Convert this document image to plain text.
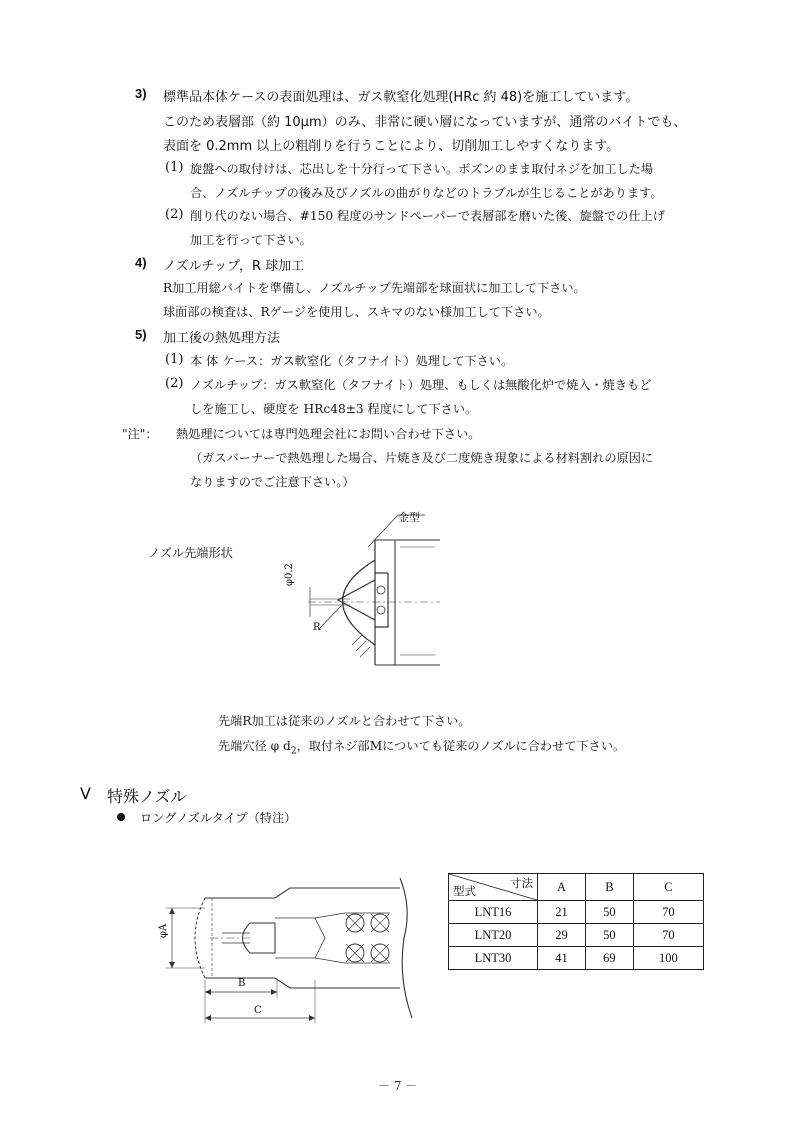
3) 標準品本体ケースの表面処理は、ガス軟窒化処理(HRc 約 48)を施工しています。
このため表層部（約 10μm）のみ、非常に硬い層になっていますが、通常のバイトでも、
表面を 0.2mm 以上の粗削りを行うことにより、切削加工しやすくなります。
(1) 旋盤への取付けは、芯出しを十分行って下さい。ボズンのまま取付ネジを加工した場
合、ノズルチップの後み及びノズルの曲がりなどのトラブルが生じることがあります。
(2) 削り代のない場合、#150 程度のサンドペーパーで表層部を磨いた後、旋盤での仕上げ
加工を行って下さい。
4) ノズルチップ，R 球加工
R加工用総バイトを準備し、ノズルチップ先端部を球面状に加工して下さい。
球面部の検査は、Rゲージを使用し、スキマのない様加工して下さい。
5) 加工後の熱処理方法
(1) 本 体 ケース：ガス軟窒化（タフナイト）処理して下さい。
(2) ノズルチップ：ガス軟窒化（タフナイト）処理、もしくは無酸化炉で焼入・焼きもど
しを施工し、硬度を HRc48±3 程度にして下さい。
"注"： 熱処理については専門処理会社にお問い合わせ下さい。
（ガスバーナーで熱処理した場合、片焼き及び二度焼き現象による材料割れの原因に
なりますのでご注意下さい。）
ノズル先端形状
金型
φ0.2
R
先端R加工は従来のノズルと合わせて下さい。
先端穴径 φ $d_2$，取付ネジ部Mについても従来のノズルに合わせて下さい。
V 特殊ノズル
ロングノズルタイプ（特注）
φA
B
C
寸法
型式	A	B	C
LNT16	21	50	70
LNT20	29	50	70
LNT30	41	69	100
－ 7 －
